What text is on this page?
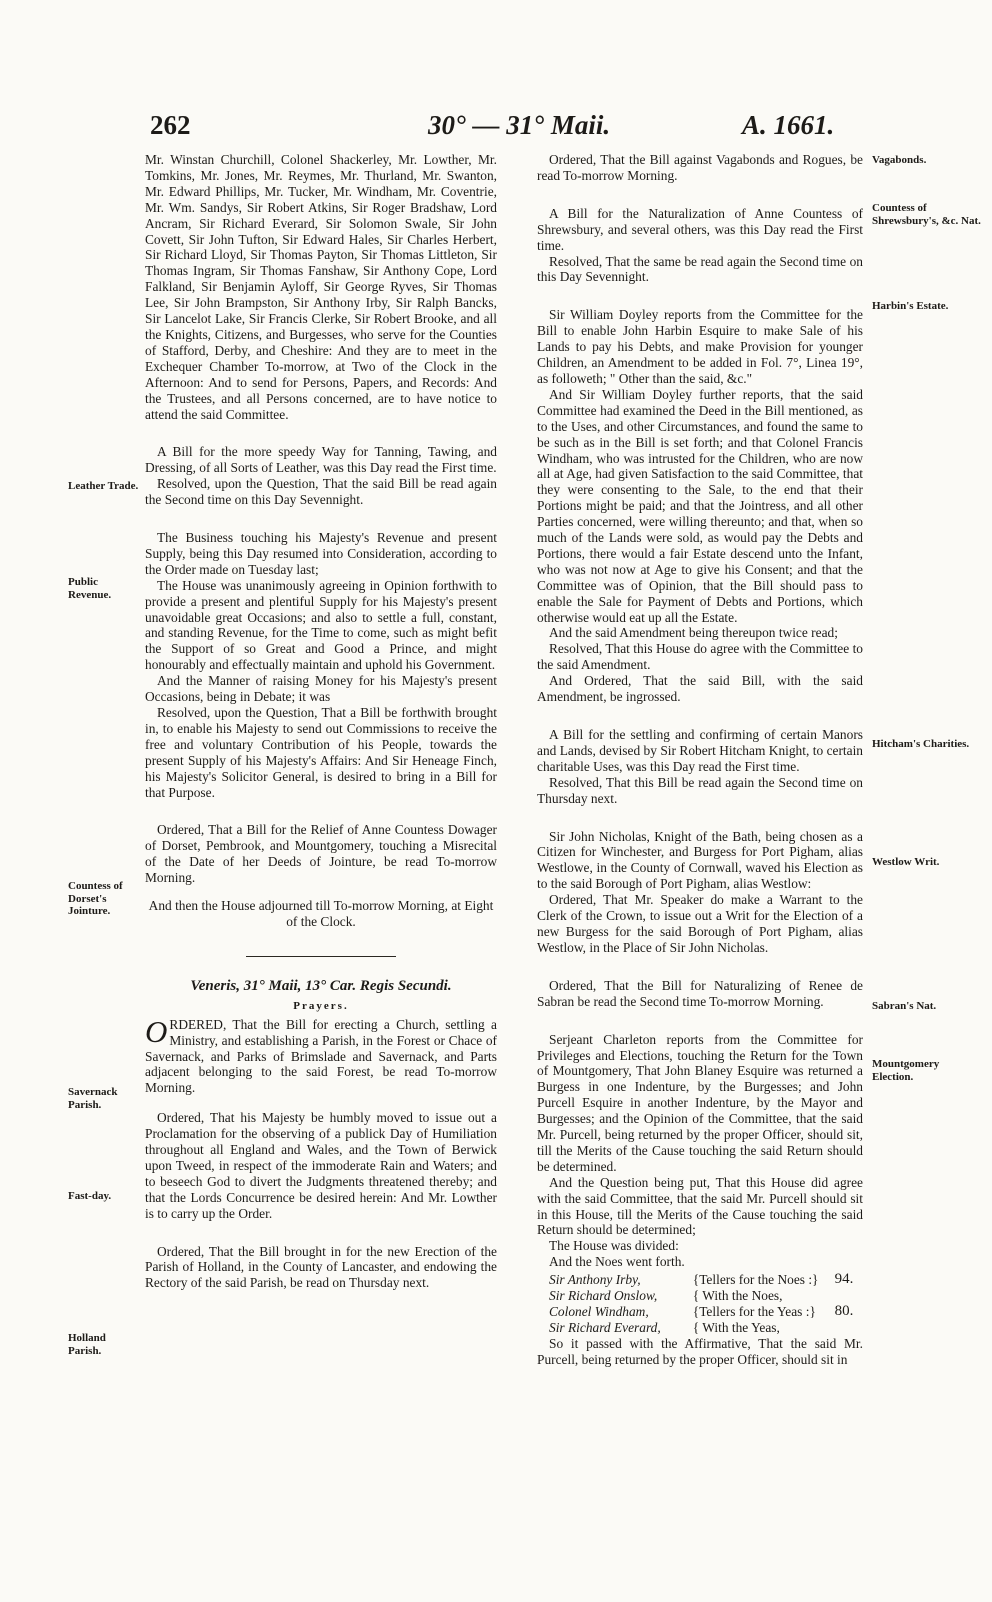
262	30° — 31° Maii.	A. 1661.

Mr. Winstan Churchill, Colonel Shackerley, Mr. Lowther, Mr. Tomkins, Mr. Jones, Mr. Reymes, Mr. Thurland, Mr. Swanton, Mr. Edward Phillips, Mr. Tucker, Mr. Windham, Mr. Coventrie, Mr. Wm. Sandys, Sir Robert Atkins, Sir Roger Bradshaw, Lord Ancram, Sir Richard Everard, Sir Solomon Swale, Sir John Covett, Sir John Tufton, Sir Edward Hales, Sir Charles Herbert, Sir Richard Lloyd, Sir Thomas Payton, Sir Thomas Littleton, Sir Thomas Ingram, Sir Thomas Fanshaw, Sir Anthony Cope, Lord Falkland, Sir Benjamin Ayloff, Sir George Ryves, Sir Thomas Lee, Sir John Brampston, Sir Anthony Irby, Sir Ralph Bancks, Sir Lancelot Lake, Sir Francis Clerke, Sir Robert Brooke, and all the Knights, Citizens, and Burgesses, who serve for the Counties of Stafford, Derby, and Cheshire: And they are to meet in the Exchequer Chamber To-morrow, at Two of the Clock in the Afternoon: And to send for Persons, Papers, and Records: And the Trustees, and all Persons concerned, are to have notice to attend the said Committee.

A Bill for the more speedy Way for Tanning, Tawing, and Dressing, of all Sorts of Leather, was this Day read the First time.

Resolved, upon the Question, That the said Bill be read again the Second time on this Day Sevennight.

The Business touching his Majesty's Revenue and present Supply, being this Day resumed into Consideration, according to the Order made on Tuesday last;

The House was unanimously agreeing in Opinion forthwith to provide a present and plentiful Supply for his Majesty's present unavoidable great Occasions; and also to settle a full, constant, and standing Revenue, for the Time to come, such as might befit the Support of so Great and Good a Prince, and might honourably and effectually maintain and uphold his Government.

And the Manner of raising Money for his Majesty's present Occasions, being in Debate; it was

Resolved, upon the Question, That a Bill be forthwith brought in, to enable his Majesty to send out Commissions to receive the free and voluntary Contribution of his People, towards the present Supply of his Majesty's Affairs: And Sir Heneage Finch, his Majesty's Solicitor General, is desired to bring in a Bill for that Purpose.

Ordered, That a Bill for the Relief of Anne Countess Dowager of Dorset, Pembrook, and Mountgomery, touching a Misrecital of the Date of her Deeds of Jointure, be read To-morrow Morning.

And then the House adjourned till To-morrow Morning, at Eight of the Clock.

Veneris, 31° Maii, 13° Car. Regis Secundi.
Prayers.

ORDERED, That the Bill for erecting a Church, settling a Ministry, and establishing a Parish, in the Forest or Chace of Savernack, and Parks of Brimslade and Savernack, and Parts adjacent belonging to the said Forest, be read To-morrow Morning.

Ordered, That his Majesty be humbly moved to issue out a Proclamation for the observing of a publick Day of Humiliation throughout all England and Wales, and the Town of Berwick upon Tweed, in respect of the immoderate Rain and Waters; and to beseech God to divert the Judgments threatened thereby; and that the Lords Concurrence be desired herein: And Mr. Lowther is to carry up the Order.

Ordered, That the Bill brought in for the new Erection of the Parish of Holland, in the County of Lancaster, and endowing the Rectory of the said Parish, be read on Thursday next.

Leather Trade.
Public Revenue.
Countess of Dorset's Jointure.
Savernack Parish.
Fast-day.
Holland Parish.

Ordered, That the Bill against Vagabonds and Rogues, be read To-morrow Morning.

A Bill for the Naturalization of Anne Countess of Shrewsbury, and several others, was this Day read the First time.

Resolved, That the same be read again the Second time on this Day Sevennight.

Sir William Doyley reports from the Committee for the Bill to enable John Harbin Esquire to make Sale of his Lands to pay his Debts, and make Provision for younger Children, an Amendment to be added in Fol. 7°, Linea 19°, as followeth; " Other than the said, &c."

And Sir William Doyley further reports, that the said Committee had examined the Deed in the Bill mentioned, as to the Uses, and other Circumstances, and found the same to be such as in the Bill is set forth; and that Colonel Francis Windham, who was intrusted for the Children, who are now all at Age, had given Satisfaction to the said Committee, that they were consenting to the Sale, to the end that their Portions might be paid; and that the Jointress, and all other Parties concerned, were willing thereunto; and that, when so much of the Lands were sold, as would pay the Debts and Portions, there would a fair Estate descend unto the Infant, who was not now at Age to give his Consent; and that the Committee was of Opinion, that the Bill should pass to enable the Sale for Payment of Debts and Portions, which otherwise would eat up all the Estate.

And the said Amendment being thereupon twice read;

Resolved, That this House do agree with the Committee to the said Amendment.

And Ordered, That the said Bill, with the said Amendment, be ingrossed.

A Bill for the settling and confirming of certain Manors and Lands, devised by Sir Robert Hitcham Knight, to certain charitable Uses, was this Day read the First time.

Resolved, That this Bill be read again the Second time on Thursday next.

Sir John Nicholas, Knight of the Bath, being chosen as a Citizen for Winchester, and Burgess for Port Pigham, alias Westlowe, in the County of Cornwall, waved his Election as to the said Borough of Port Pigham, alias Westlow:

Ordered, That Mr. Speaker do make a Warrant to the Clerk of the Crown, to issue out a Writ for the Election of a new Burgess for the said Borough of Port Pigham, alias Westlow, in the Place of Sir John Nicholas.

Ordered, That the Bill for Naturalizing of Renee de Sabran be read the Second time To-morrow Morning.

Serjeant Charleton reports from the Committee for Privileges and Elections, touching the Return for the Town of Mountgomery, That John Blaney Esquire was returned a Burgess in one Indenture, by the Burgesses; and John Purcell Esquire in another Indenture, by the Mayor and Burgesses; and the Opinion of the Committee, that the said Mr. Purcell, being returned by the proper Officer, should sit, till the Merits of the Cause touching the said Return should be determined.

And the Question being put, That this House did agree with the said Committee, that the said Mr. Purcell should sit in this House, till the Merits of the Cause touching the said Return should be determined;

The House was divided:

And the Noes went forth.

Sir Anthony Irby,	{Tellers for the Noes :}	94.
Sir Richard Onslow,	{ With the Noes,
Colonel Windham,	{Tellers for the Yeas :}	80.
Sir Richard Everard,	{ With the Yeas,

So it passed with the Affirmative, That the said Mr. Purcell, being returned by the proper Officer, should sit in

Vagabonds.
Countess of Shrewsbury's, &c. Nat.
Harbin's Estate.
Hitcham's Charities.
Westlow Writ.
Sabran's Nat.
Mountgomery Election.
